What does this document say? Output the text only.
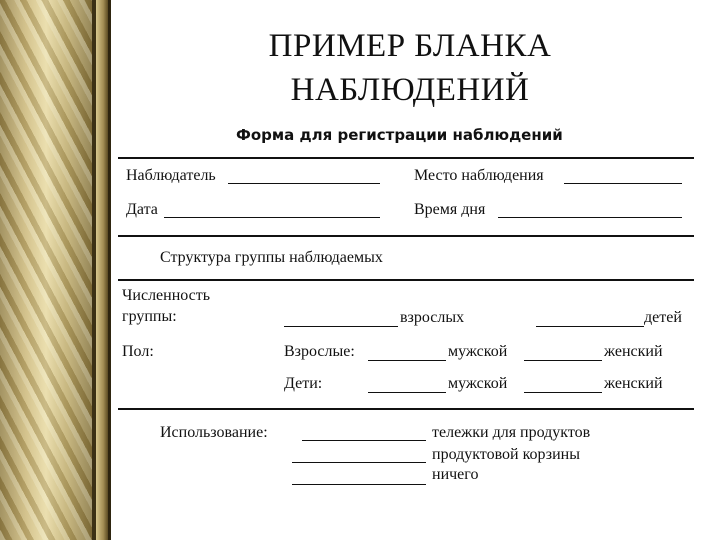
ПРИМЕР БЛАНКА
НАБЛЮДЕНИЙ
Форма для регистрации наблюдений
Наблюдатель	Место наблюдения
Дата	Время дня
Структура группы наблюдаемых
Численность
группы:	взрослых	детей
Пол:	Взрослые:	мужской	женский
Дети:	мужской	женский
Использование:	тележки для продуктов
продуктовой корзины
ничего
